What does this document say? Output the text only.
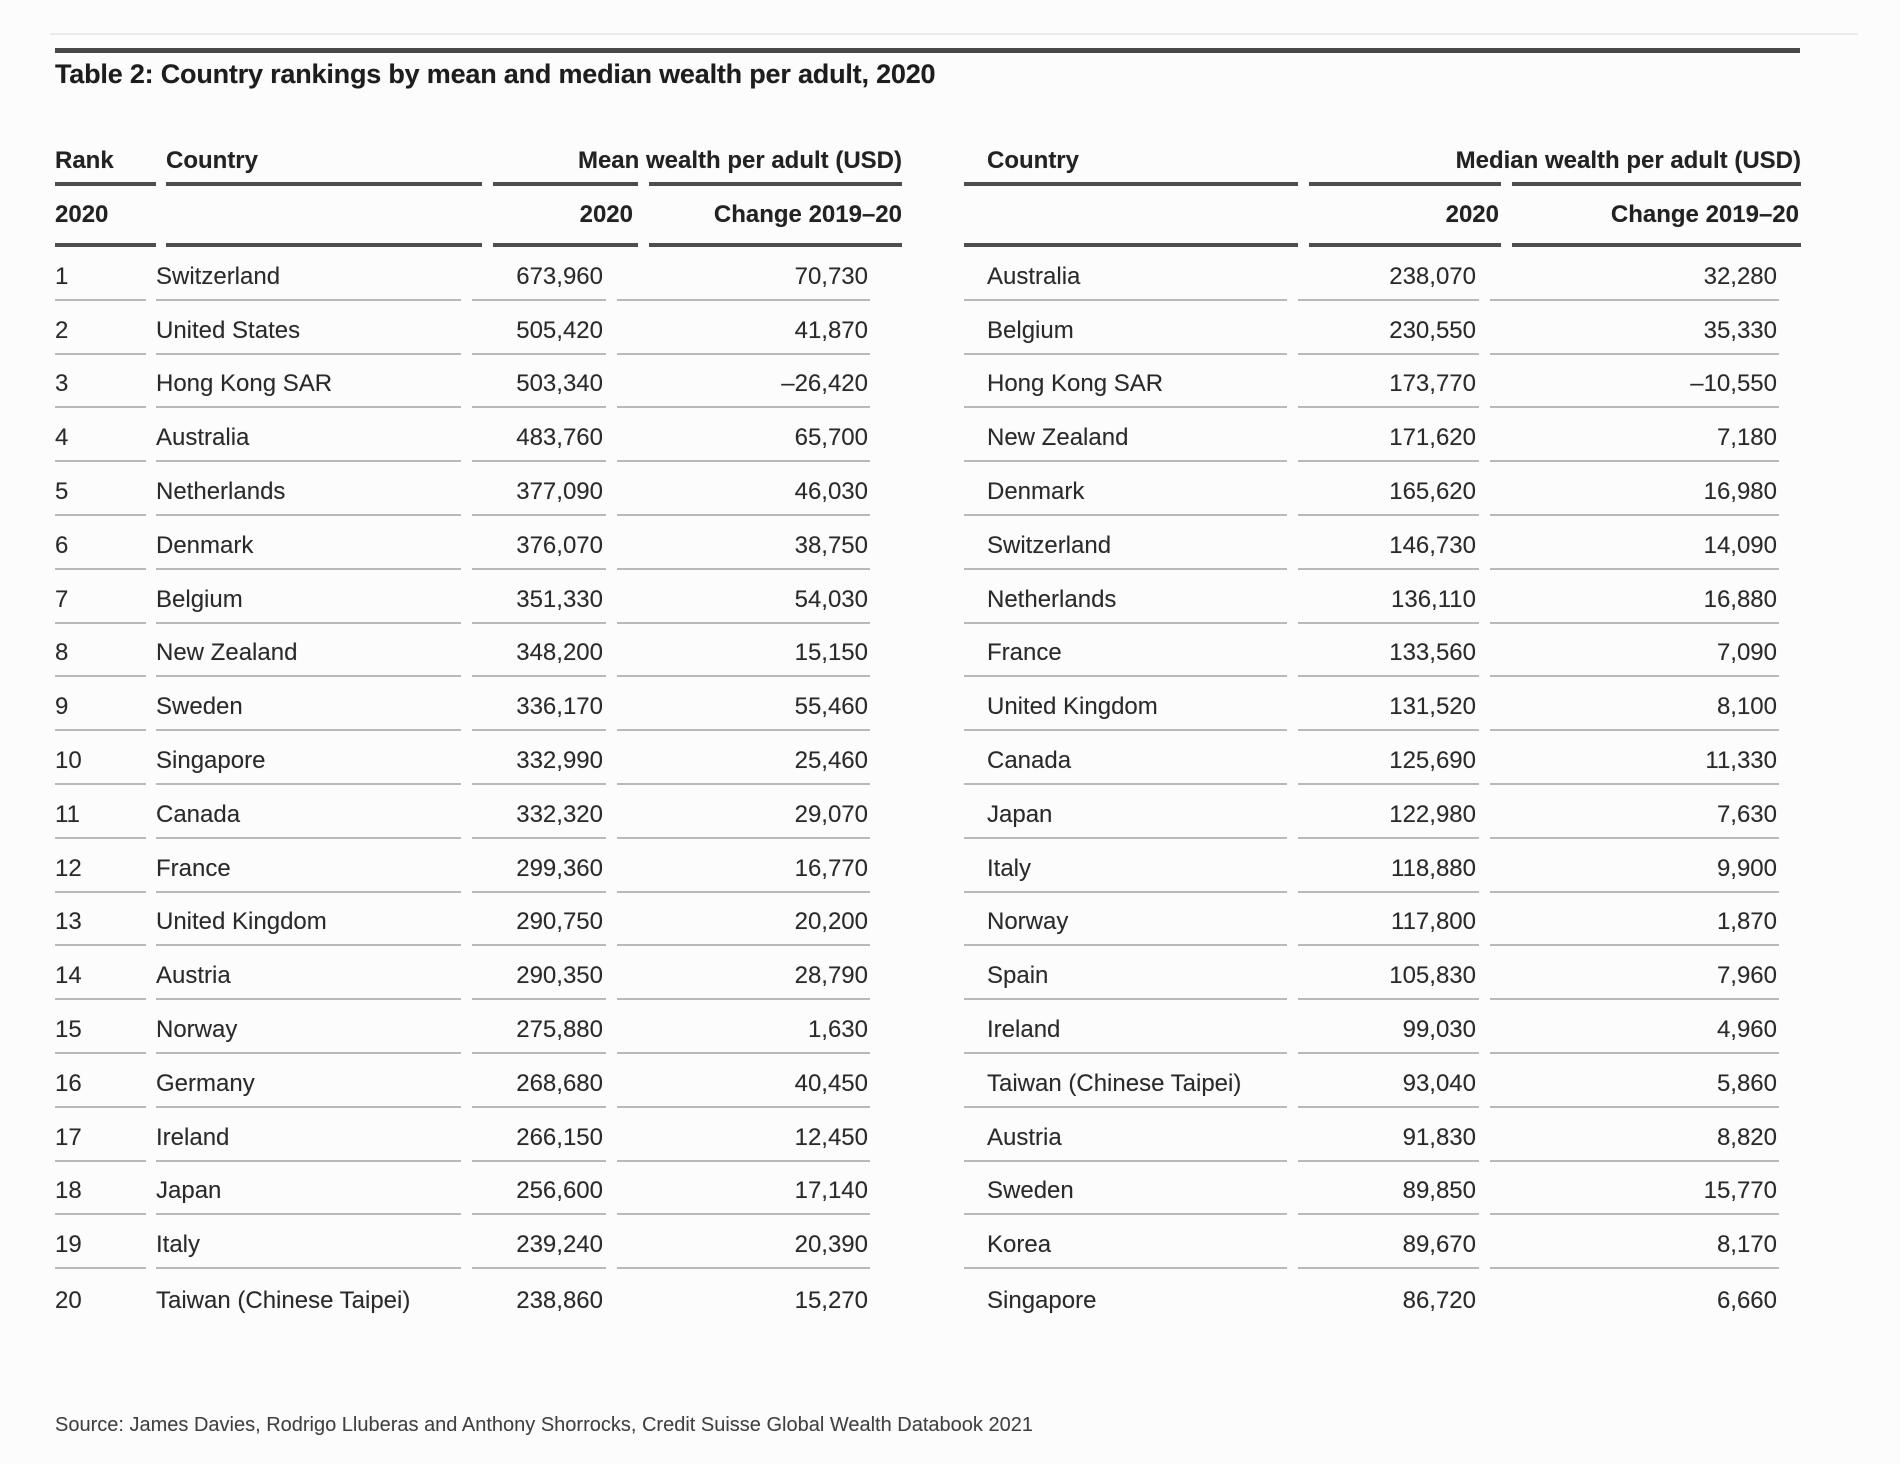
Table 2: Country rankings by mean and median wealth per adult, 2020
Rank Country	Mean wealth per adult (USD)
2020	2020	Change 2019–20
Country	Median wealth per adult (USD)
2020	Change 2019–20
1	Switzerland	673,960	70,730
2	United States	505,420	41,870
3	Hong Kong SAR	503,340	–26,420
4	Australia	483,760	65,700
5	Netherlands	377,090	46,030
6	Denmark	376,070	38,750
7	Belgium	351,330	54,030
8	New Zealand	348,200	15,150
9	Sweden	336,170	55,460
10	Singapore	332,990	25,460
11	Canada	332,320	29,070
12	France	299,360	16,770
13	United Kingdom	290,750	20,200
14	Austria	290,350	28,790
15	Norway	275,880	1,630
16	Germany	268,680	40,450
17	Ireland	266,150	12,450
18	Japan	256,600	17,140
19	Italy	239,240	20,390
20	Taiwan (Chinese Taipei)	238,860	15,270
Australia	238,070	32,280
Belgium	230,550	35,330
Hong Kong SAR	173,770	–10,550
New Zealand	171,620	7,180
Denmark	165,620	16,980
Switzerland	146,730	14,090
Netherlands	136,110	16,880
France	133,560	7,090
United Kingdom	131,520	8,100
Canada	125,690	11,330
Japan	122,980	7,630
Italy	118,880	9,900
Norway	117,800	1,870
Spain	105,830	7,960
Ireland	99,030	4,960
Taiwan (Chinese Taipei)	93,040	5,860
Austria	91,830	8,820
Sweden	89,850	15,770
Korea	89,670	8,170
Singapore	86,720	6,660
Source: James Davies, Rodrigo Lluberas and Anthony Shorrocks, Credit Suisse Global Wealth Databook 2021
